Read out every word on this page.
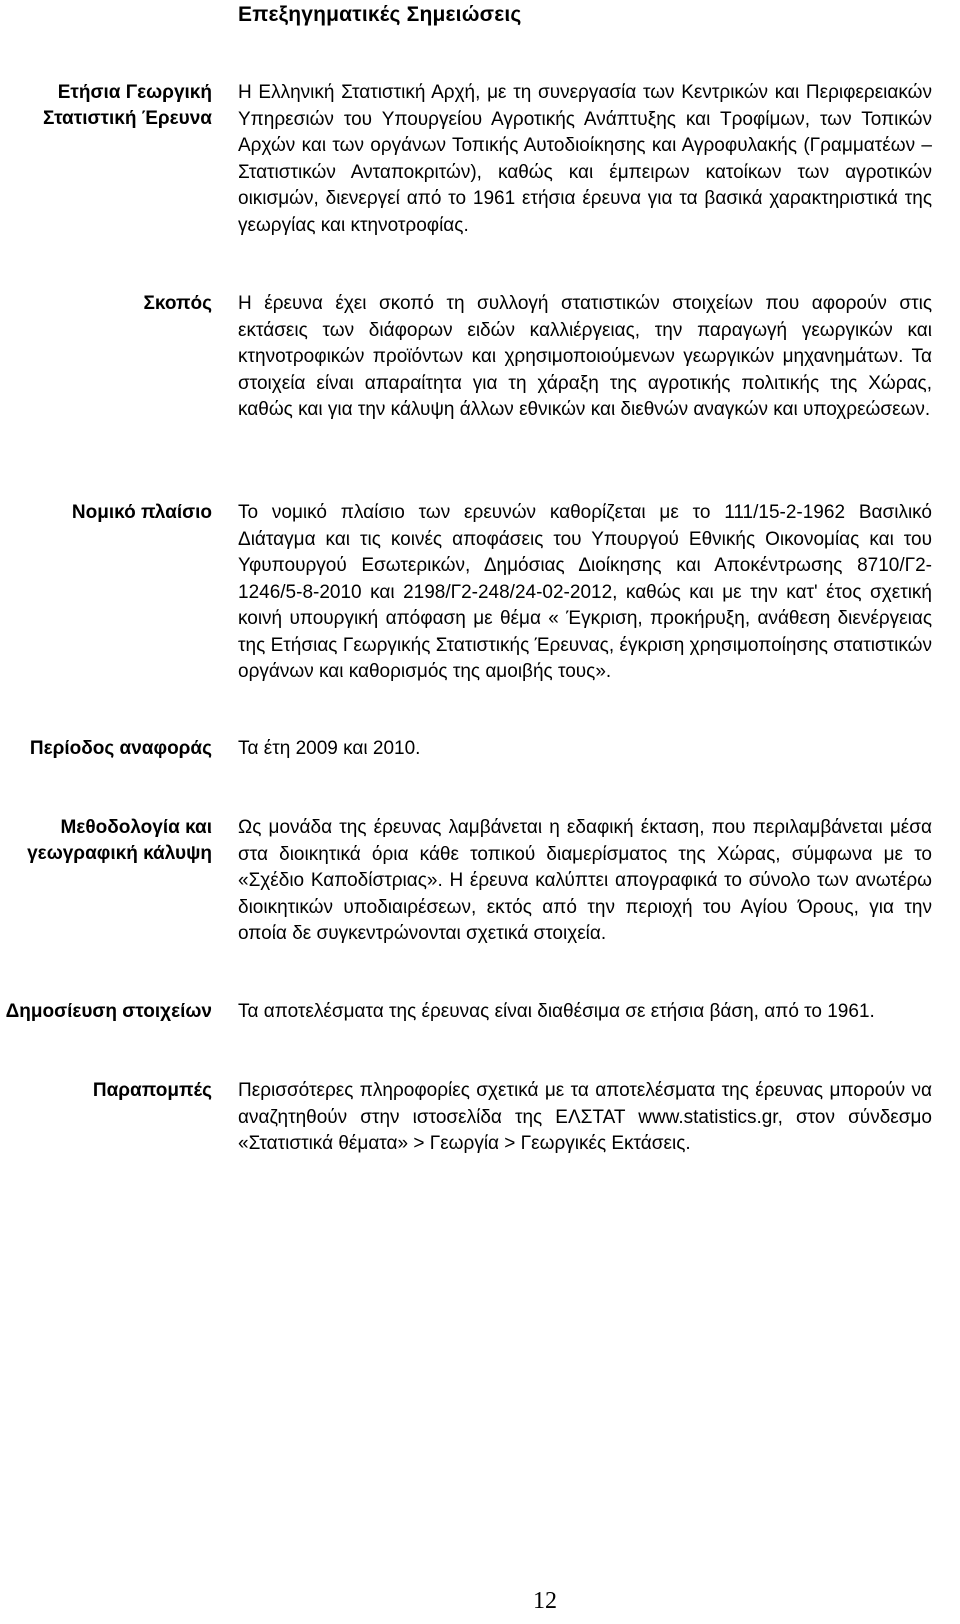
Επεξηγηματικές Σημειώσεις
Ετήσια Γεωργική Στατιστική Έρευνα
Η Ελληνική Στατιστική Αρχή, με τη συνεργασία των Κεντρικών και Περιφερειακών Υπηρεσιών του Υπουργείου Αγροτικής Ανάπτυξης και Τροφίμων, των Τοπικών Αρχών και των οργάνων Τοπικής Αυτοδιοίκησης και Αγροφυλακής (Γραμματέων – Στατιστικών Ανταποκριτών), καθώς και έμπειρων κατοίκων των αγροτικών οικισμών, διενεργεί από το 1961 ετήσια έρευνα για τα βασικά χαρακτηριστικά της γεωργίας και κτηνοτροφίας.
Σκοπός Η έρευνα έχει σκοπό τη συλλογή στατιστικών στοιχείων που αφορούν στις εκτάσεις των διάφορων ειδών καλλιέργειας, την παραγωγή γεωργικών και κτηνοτροφικών προϊόντων και χρησιμοποιούμενων γεωργικών μηχανημάτων. Τα στοιχεία είναι απαραίτητα για τη χάραξη της αγροτικής πολιτικής της Χώρας, καθώς και για την κάλυψη άλλων εθνικών και διεθνών αναγκών και υποχρεώσεων.
Νομικό πλαίσιο Το νομικό πλαίσιο των ερευνών καθορίζεται με το 111/15-2-1962 Βασιλικό Διάταγμα και τις κοινές αποφάσεις του Υπουργού Εθνικής Οικονομίας και του Υφυπουργού Εσωτερικών, Δημόσιας Διοίκησης και Αποκέντρωσης 8710/Γ2-1246/5-8-2010 και 2198/Γ2-248/24-02-2012, καθώς και με την κατ' έτος σχετική κοινή υπουργική απόφαση με θέμα « Έγκριση, προκήρυξη, ανάθεση διενέργειας της Ετήσιας Γεωργικής Στατιστικής Έρευνας, έγκριση χρησιμοποίησης στατιστικών οργάνων και καθορισμός της αμοιβής τους».
Περίοδος αναφοράς Τα έτη 2009 και 2010.
Μεθοδολογία και γεωγραφική κάλυψη
Ως μονάδα της έρευνας λαμβάνεται η εδαφική έκταση, που περιλαμβάνεται μέσα στα διοικητικά όρια κάθε τοπικού διαμερίσματος της Χώρας, σύμφωνα με το «Σχέδιο Καποδίστριας». Η έρευνα καλύπτει απογραφικά το σύνολο των ανωτέρω διοικητικών υποδιαιρέσεων, εκτός από την περιοχή του Αγίου Όρους, για την οποία δε συγκεντρώνονται σχετικά στοιχεία.
Δημοσίευση στοιχείων Τα αποτελέσματα της έρευνας είναι διαθέσιμα σε ετήσια βάση, από το 1961.
Παραπομπές Περισσότερες πληροφορίες σχετικά με τα αποτελέσματα της έρευνας μπορούν να αναζητηθούν στην ιστοσελίδα της ΕΛΣΤΑΤ www.statistics.gr, στον σύνδεσμο «Στατιστικά θέματα» > Γεωργία > Γεωργικές Εκτάσεις.
12
